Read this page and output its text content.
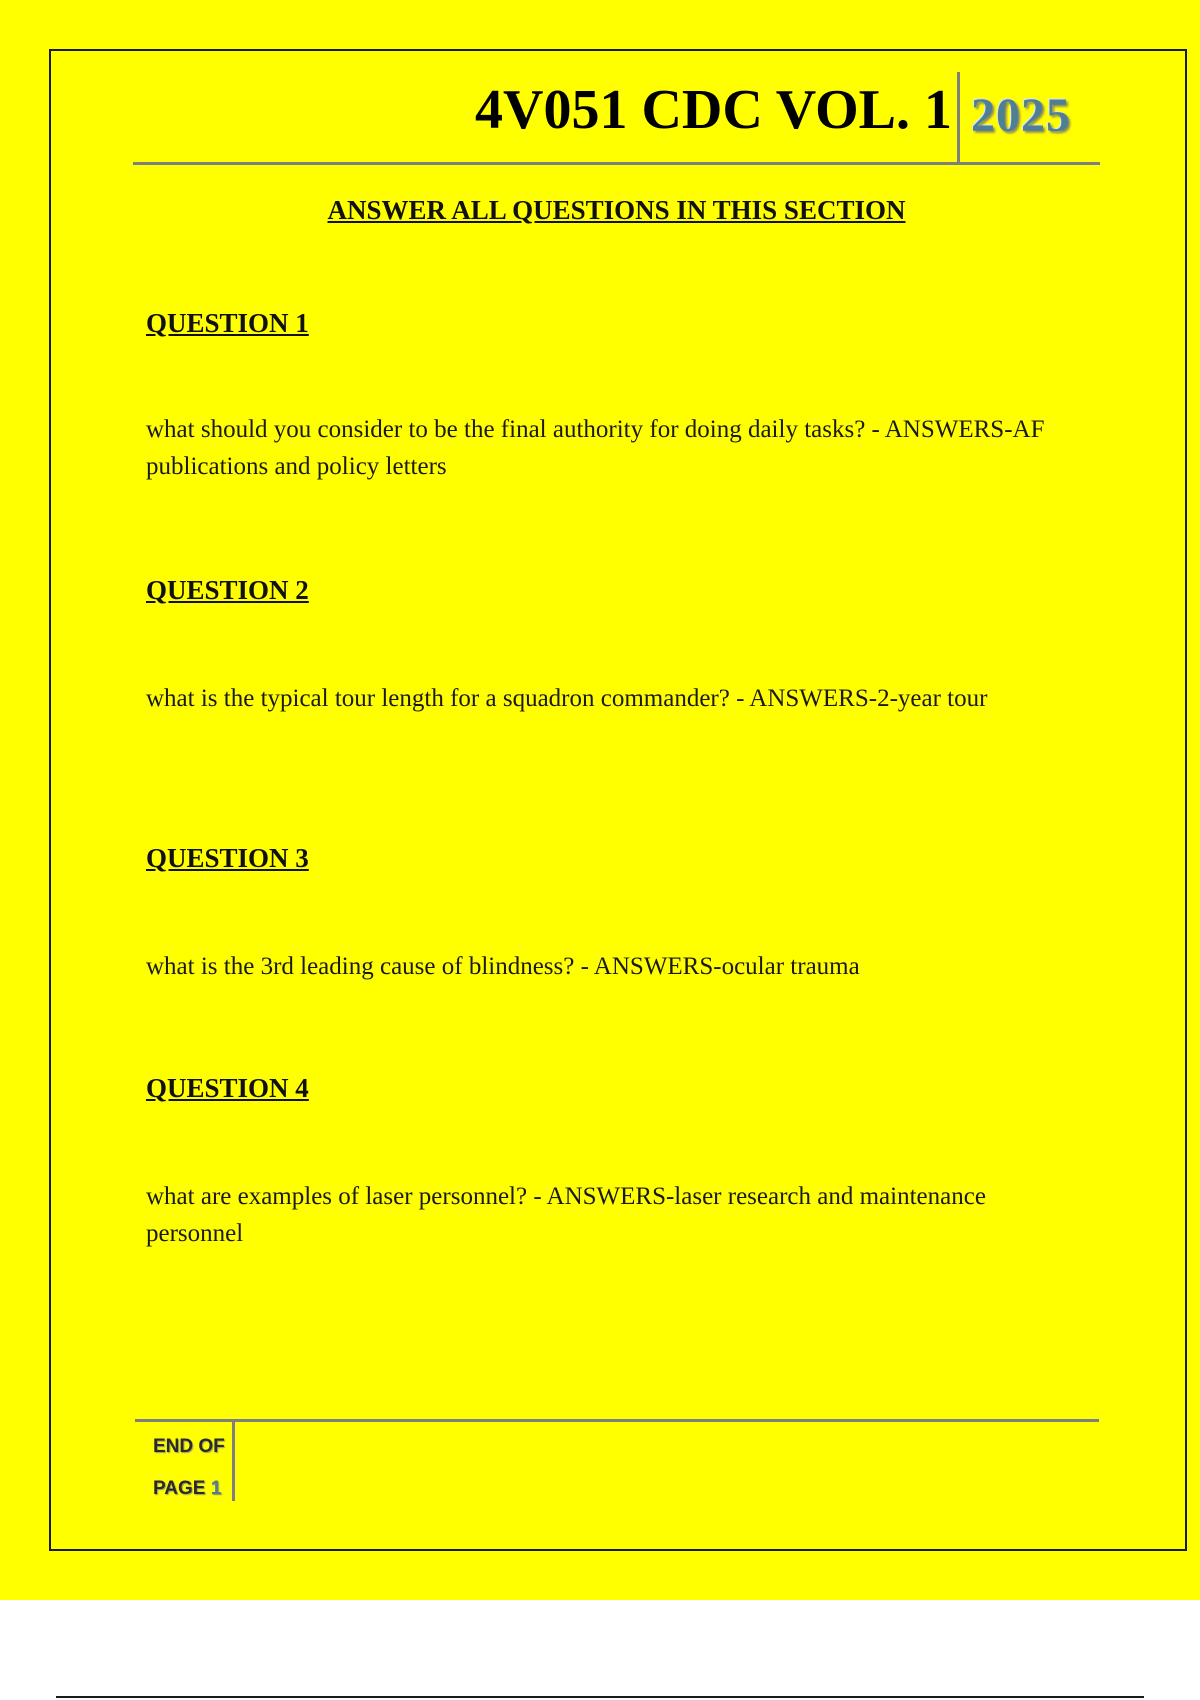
4V051 CDC VOL. 1 2025
ANSWER ALL QUESTIONS IN THIS SECTION

QUESTION 1

what should you consider to be the final authority for doing daily tasks? - ANSWERS-AF publications and policy letters

QUESTION 2

what is the typical tour length for a squadron commander? - ANSWERS-2-year tour

QUESTION 3

what is the 3rd leading cause of blindness? - ANSWERS-ocular trauma

QUESTION 4

what are examples of laser personnel? - ANSWERS-laser research and maintenance personnel

END OF
PAGE 1
